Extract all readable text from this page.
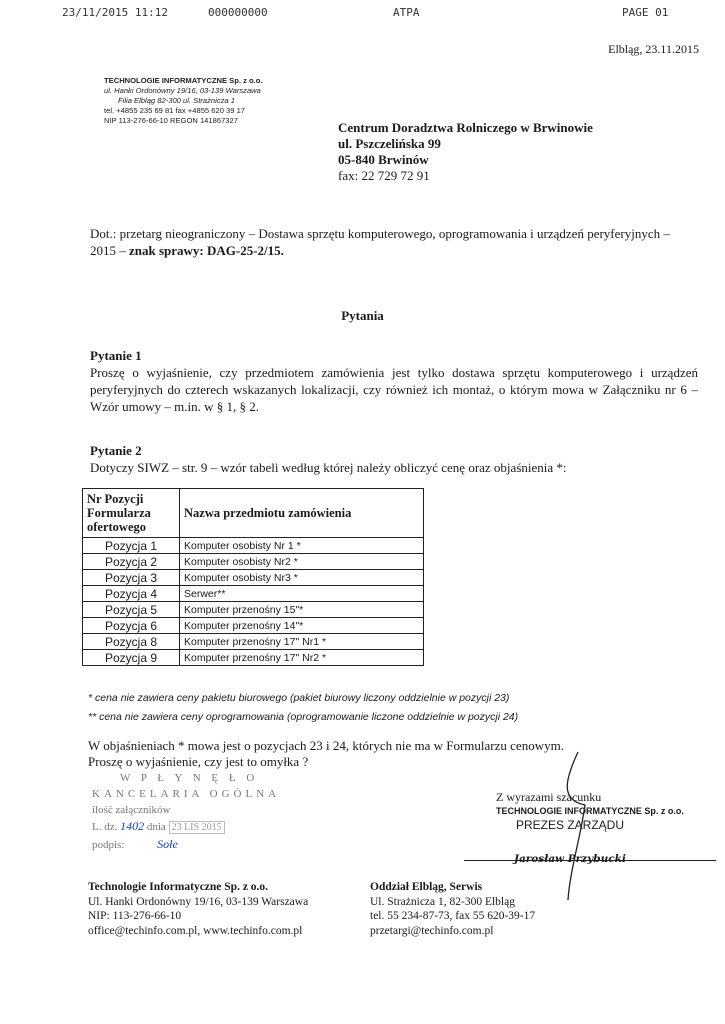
23/11/2015 11:12	000000000	ATPA	PAGE 01
Elbląg, 23.11.2015
TECHNOLOGIE INFORMATYCZNE Sp. z o.o.
ul. Hanki Ordonówny 19/16, 03-139 Warszawa
Filia Elbląg 82-300 ul. Strażnicza 1
tel. +4855 235 69 81 fax +4855 620 39 17
NIP 113-276-66-10 REGON 141867327	Centrum Doradztwa Rolniczego w Brwinowie
ul. Pszczelińska 99
05-840 Brwinów
fax: 22 729 72 91
Dot.: przetarg nieograniczony – Dostawa sprzętu komputerowego, oprogramowania i urządzeń peryferyjnych – 2015 – znak sprawy: DAG-25-2/15.
Pytania
Pytanie 1
Proszę o wyjaśnienie, czy przedmiotem zamówienia jest tylko dostawa sprzętu komputerowego i urządzeń peryferyjnych do czterech wskazanych lokalizacji, czy również ich montaż, o którym mowa w Załączniku nr 6 – Wzór umowy – m.in. w § 1, § 2.
Pytanie 2
Dotyczy SIWZ – str. 9 – wzór tabeli według której należy obliczyć cenę oraz objaśnienia *:
Nr Pozycji Formularza ofertowego	Nazwa przedmiotu zamówienia
Pozycja 1	Komputer osobisty Nr 1 *
Pozycja 2	Komputer osobisty Nr2 *
Pozycja 3	Komputer osobisty Nr3 *
Pozycja 4	Serwer**
Pozycja 5	Komputer przenośny 15"*
Pozycja 6	Komputer przenośny 14"*
Pozycja 8	Komputer przenośny 17" Nr1 *
Pozycja 9	Komputer przenośny 17" Nr2 *
* cena nie zawiera ceny pakietu biurowego (pakiet biurowy liczony oddzielnie w pozycji 23)
** cena nie zawiera ceny oprogramowania (oprogramowanie liczone oddzielnie w pozycji 24)
W objaśnieniach * mowa jest o pozycjach 23 i 24, których nie ma w Formularzu cenowym.
Proszę o wyjaśnienie, czy jest to omyłka ?
W P Ł Y N Ę Ł O
KANCELARIA OGÓLNA
ilość załączników
L. dz. 1402 dnia 23 LIS 2015
podpis:	Sołe
Z wyrazami szacunku
TECHNOLOGIE INFORMATYCZNE Sp. z o.o.
PREZES ZARZĄDU
Jarosław Przybucki
Technologie Informatyczne Sp. z o.o.
Ul. Hanki Ordonówny 19/16, 03-139 Warszawa
NIP: 113-276-66-10
office@techinfo.com.pl, www.techinfo.com.pl
Oddział Elbląg, Serwis
Ul. Strażnicza 1, 82-300 Elbląg
tel. 55 234-87-73, fax 55 620-39-17
przetargi@techinfo.com.pl
